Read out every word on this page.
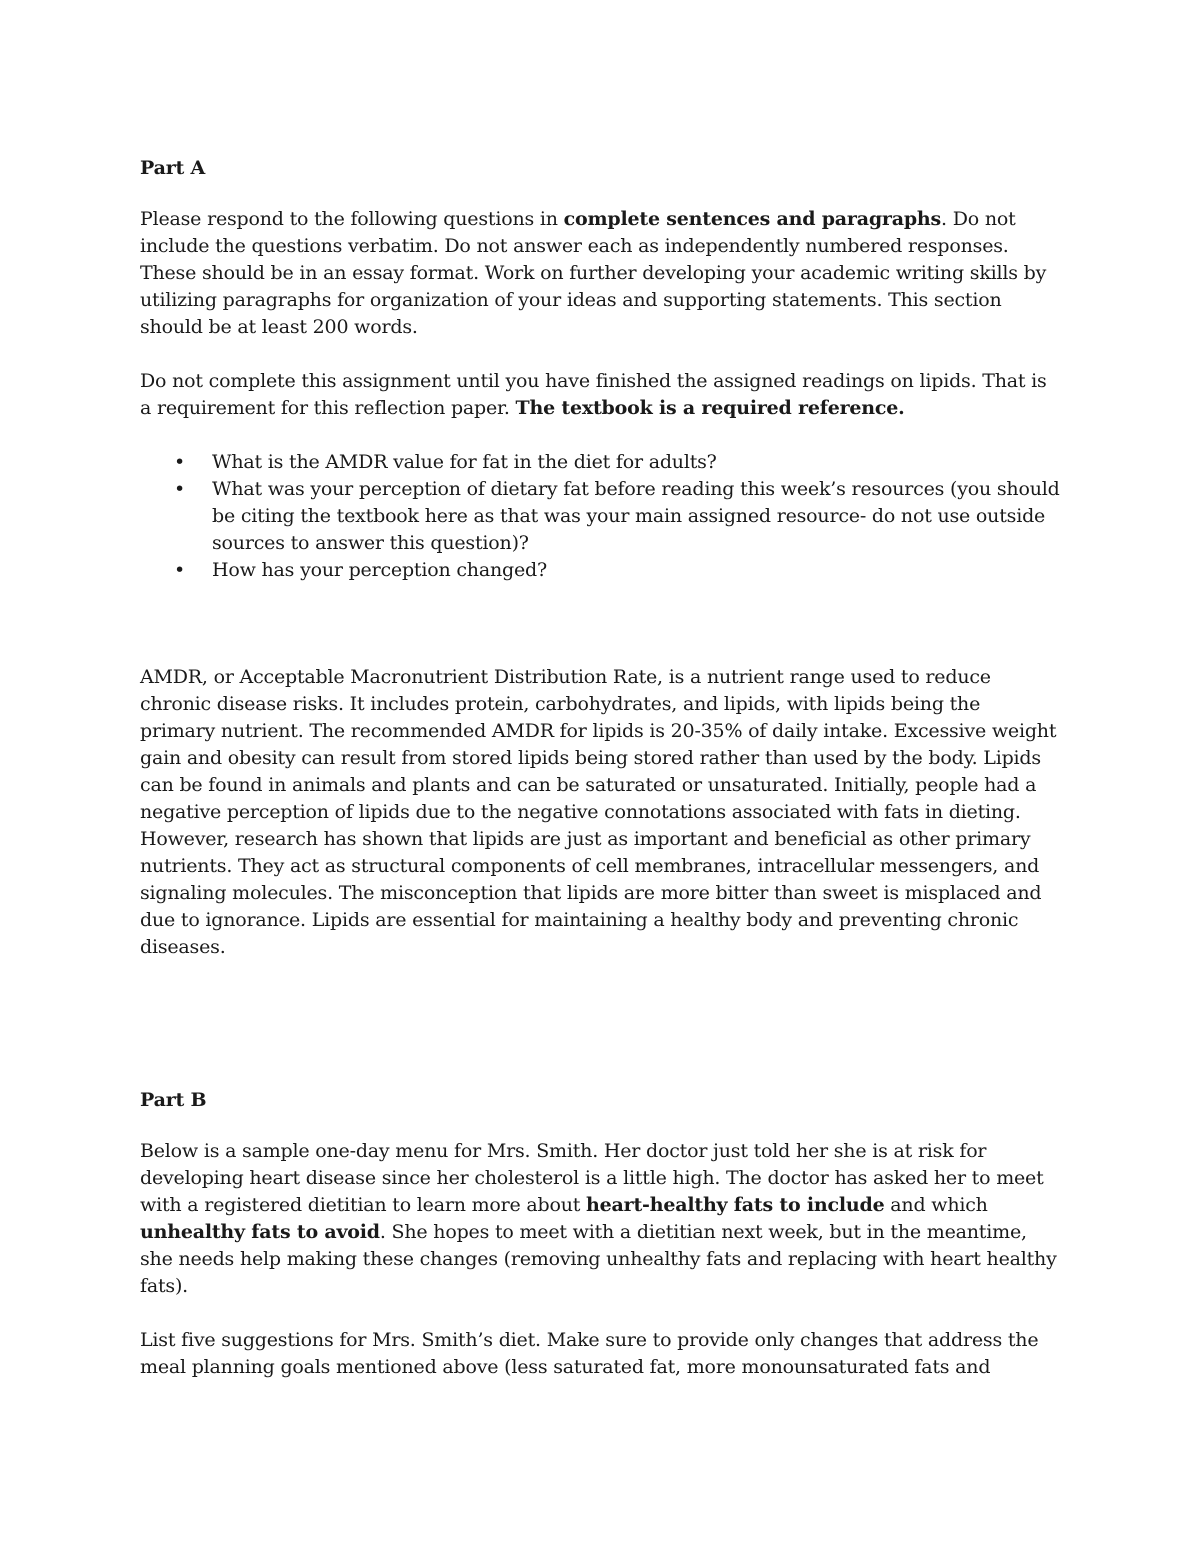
Part A

Please respond to the following questions in complete sentences and paragraphs. Do not include the questions verbatim. Do not answer each as independently numbered responses. These should be in an essay format. Work on further developing your academic writing skills by utilizing paragraphs for organization of your ideas and supporting statements. This section should be at least 200 words.

Do not complete this assignment until you have finished the assigned readings on lipids. That is a requirement for this reflection paper. The textbook is a required reference.

• What is the AMDR value for fat in the diet for adults?
• What was your perception of dietary fat before reading this week’s resources (you should be citing the textbook here as that was your main assigned resource- do not use outside sources to answer this question)?
• How has your perception changed?

AMDR, or Acceptable Macronutrient Distribution Rate, is a nutrient range used to reduce chronic disease risks. It includes protein, carbohydrates, and lipids, with lipids being the primary nutrient. The recommended AMDR for lipids is 20-35% of daily intake. Excessive weight gain and obesity can result from stored lipids being stored rather than used by the body. Lipids can be found in animals and plants and can be saturated or unsaturated. Initially, people had a negative perception of lipids due to the negative connotations associated with fats in dieting. However, research has shown that lipids are just as important and beneficial as other primary nutrients. They act as structural components of cell membranes, intracellular messengers, and signaling molecules. The misconception that lipids are more bitter than sweet is misplaced and due to ignorance. Lipids are essential for maintaining a healthy body and preventing chronic diseases.

Part B

Below is a sample one-day menu for Mrs. Smith. Her doctor just told her she is at risk for developing heart disease since her cholesterol is a little high. The doctor has asked her to meet with a registered dietitian to learn more about heart-healthy fats to include and which unhealthy fats to avoid. She hopes to meet with a dietitian next week, but in the meantime, she needs help making these changes (removing unhealthy fats and replacing with heart healthy fats).

List five suggestions for Mrs. Smith’s diet. Make sure to provide only changes that address the meal planning goals mentioned above (less saturated fat, more monounsaturated fats and
